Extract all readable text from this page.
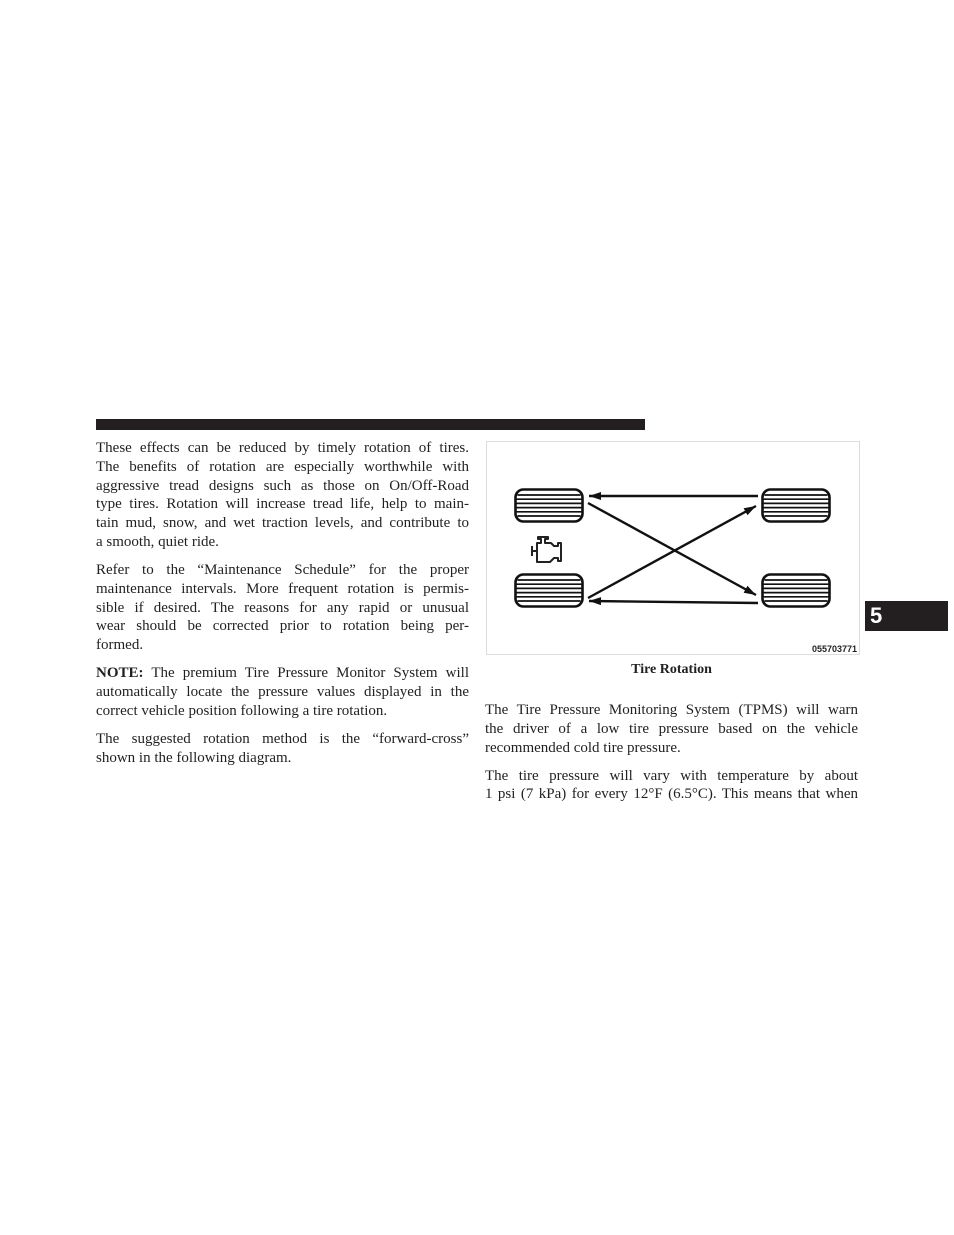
These effects can be reduced by timely rotation of tires.
The benefits of rotation are especially worthwhile with
aggressive tread designs such as those on On/Off-Road
type tires. Rotation will increase tread life, help to main-
tain mud, snow, and wet traction levels, and contribute to
a smooth, quiet ride.
Refer to the “Maintenance Schedule” for the proper
maintenance intervals. More frequent rotation is permis-
sible if desired. The reasons for any rapid or unusual
wear should be corrected prior to rotation being per-
formed.
NOTE: The premium Tire Pressure Monitor System will
automatically locate the pressure values displayed in the
correct vehicle position following a tire rotation.
The suggested rotation method is the “forward-cross”
shown in the following diagram.
055703771
Tire Rotation
The Tire Pressure Monitoring System (TPMS) will warn
the driver of a low tire pressure based on the vehicle
recommended cold tire pressure.
The tire pressure will vary with temperature by about
1 psi (7 kPa) for every 12°F (6.5°C). This means that when
5
